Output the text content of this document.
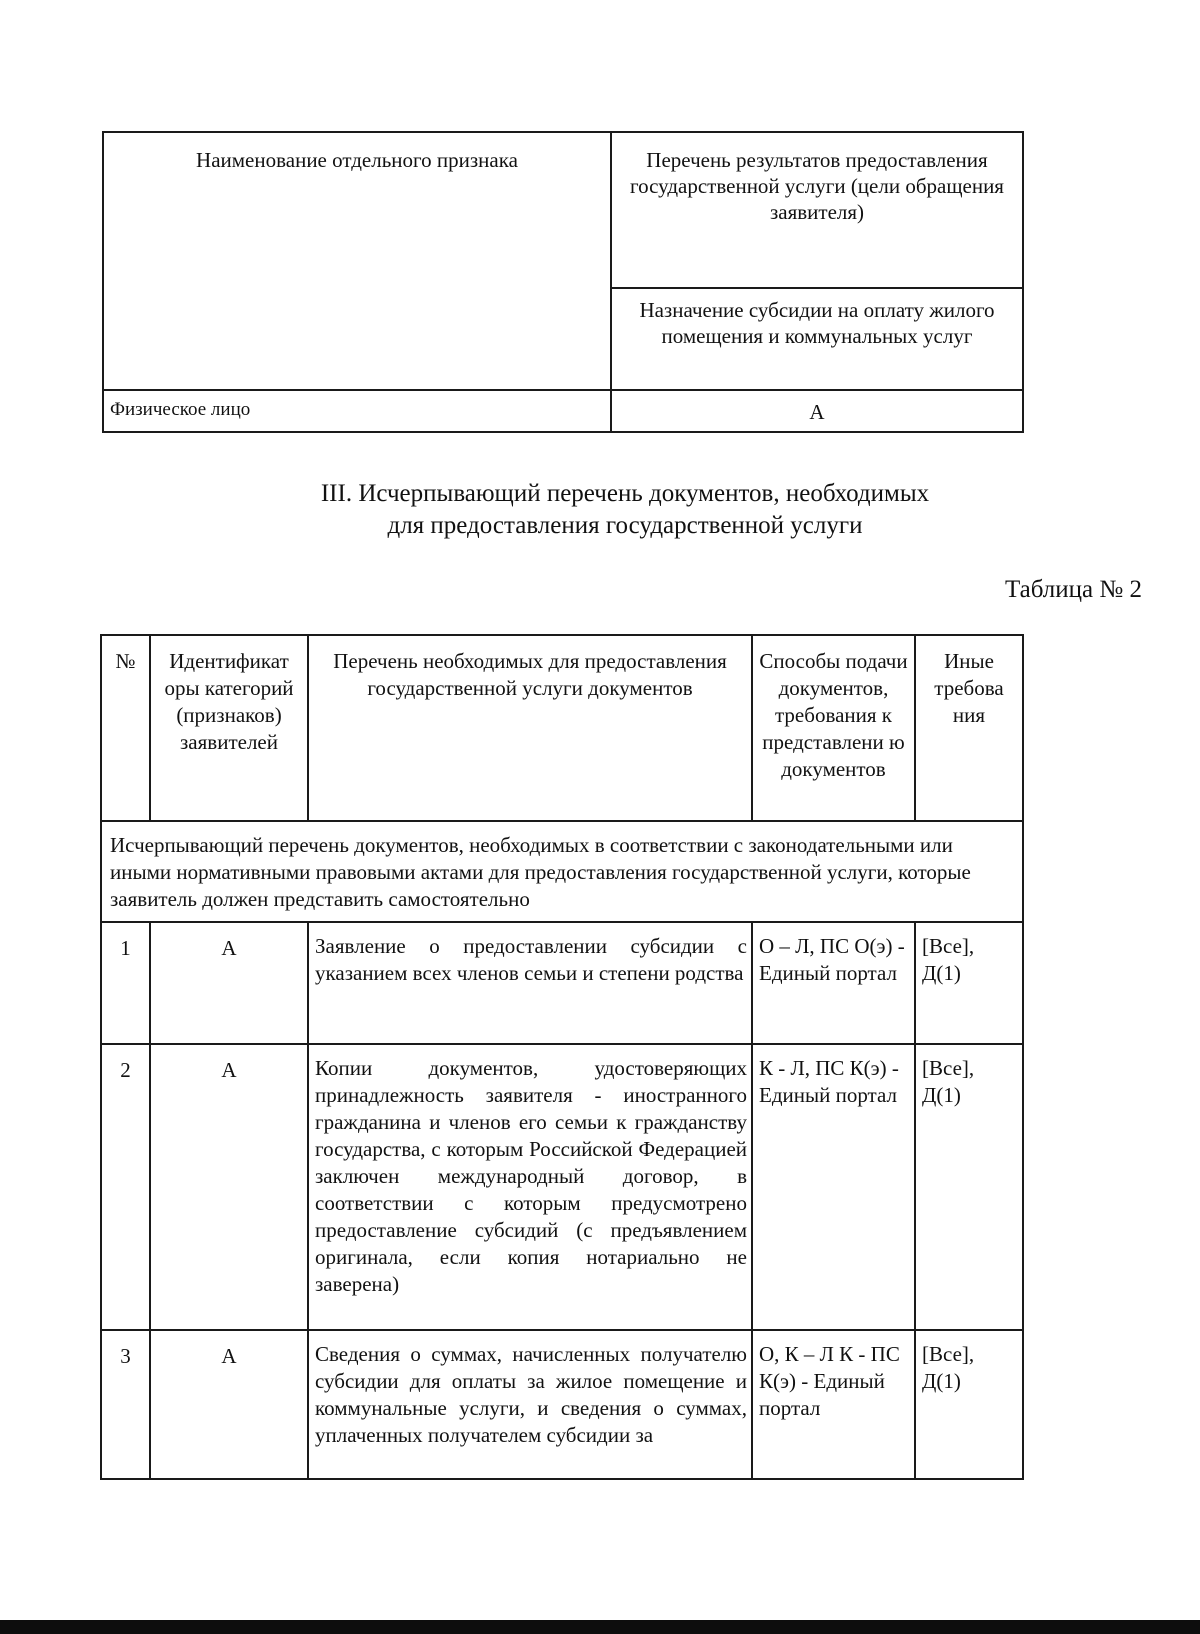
Наименование отдельного признака	Перечень результатов предоставления государственной услуги (цели обращения заявителя)
	Назначение субсидии на оплату жилого помещения и коммунальных услуг
Физическое лицо	А
III. Исчерпывающий перечень документов, необходимых
для предоставления государственной услуги
Таблица № 2
№	Идентификат оры категорий (признаков) заявителей	Перечень необходимых для предоставления государственной услуги документов	Способы подачи документов, требования к представлени ю документов	Иные требова ния
Исчерпывающий перечень документов, необходимых в соответствии с законодательными или иными нормативными правовыми актами для предоставления государственной услуги, которые заявитель должен представить самостоятельно				
1	А	Заявление о предоставлении субсидии с указанием всех членов семьи и степени родства	О – Л, ПС О(э) - Единый портал	[Все], Д(1)
2	А	Копии документов, удостоверяющих принадлежность заявителя - иностранного гражданина и членов его семьи к гражданству государства, с которым Российской Федерацией заключен международный договор, в соответствии с которым предусмотрено предоставление субсидий (с предъявлением оригинала, если копия нотариально не заверена)	К - Л, ПС К(э) - Единый портал	[Все], Д(1)
3	А	Сведения о суммах, начисленных получателю субсидии для оплаты за жилое помещение и коммунальные услуги, и сведения о суммах, уплаченных получателем субсидии за	О, К – Л К - ПС К(э) - Единый портал	[Все], Д(1)
